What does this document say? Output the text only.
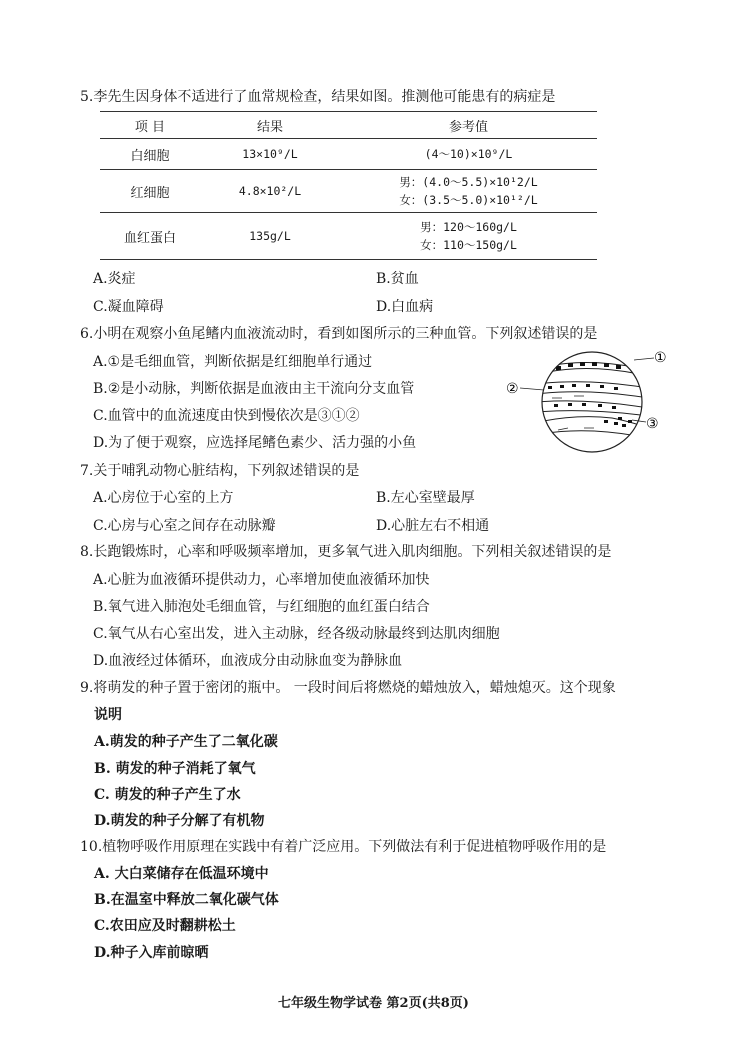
5.李先生因身体不适进行了血常规检查，结果如图。推测他可能患有的病症是
项 目	结果	参考值
白细胞	13×10⁹/L	(4～10)×10⁹/L

红细胞	4.8×10²/L	男：(4.0～5.5)×10¹2/L
女：(3.5～5.0)×10¹²/L

血红蛋白	135g/L	男：120～160g/L
女：110～150g/L
A.炎症	B.贫血
C.凝血障碍	D.白血病
6.小明在观察小鱼尾鳍内血液流动时，看到如图所示的三种血管。下列叙述错误的是
A.①是毛细血管，判断依据是红细胞单行通过
B.②是小动脉，判断依据是血液由主干流向分支血管
C.血管中的血流速度由快到慢依次是③①②
D.为了便于观察，应选择尾鳍色素少、活力强的小鱼
①
②
③
7.关于哺乳动物心脏结构，下列叙述错误的是
A.心房位于心室的上方	B.左心室壁最厚
C.心房与心室之间存在动脉瓣	D.心脏左右不相通
8.长跑锻炼时，心率和呼吸频率增加，更多氧气进入肌肉细胞。下列相关叙述错误的是
A.心脏为血液循环提供动力，心率增加使血液循环加快
B.氧气进入肺泡处毛细血管，与红细胞的血红蛋白结合
C.氧气从右心室出发，进入主动脉，经各级动脉最终到达肌肉细胞
D.血液经过体循环，血液成分由动脉血变为静脉血
9.将萌发的种子置于密闭的瓶中。 一段时间后将燃烧的蜡烛放入，蜡烛熄灭。这个现象
说明
A.萌发的种子产生了二氧化碳
B. 萌发的种子消耗了氧气
C. 萌发的种子产生了水
D.萌发的种子分解了有机物
10.植物呼吸作用原理在实践中有着广泛应用。下列做法有利于促进植物呼吸作用的是
A. 大白菜储存在低温环境中
B.在温室中释放二氧化碳气体
C.农田应及时翻耕松土
D.种子入库前晾晒
七年级生物学试卷 第2页(共8页)
